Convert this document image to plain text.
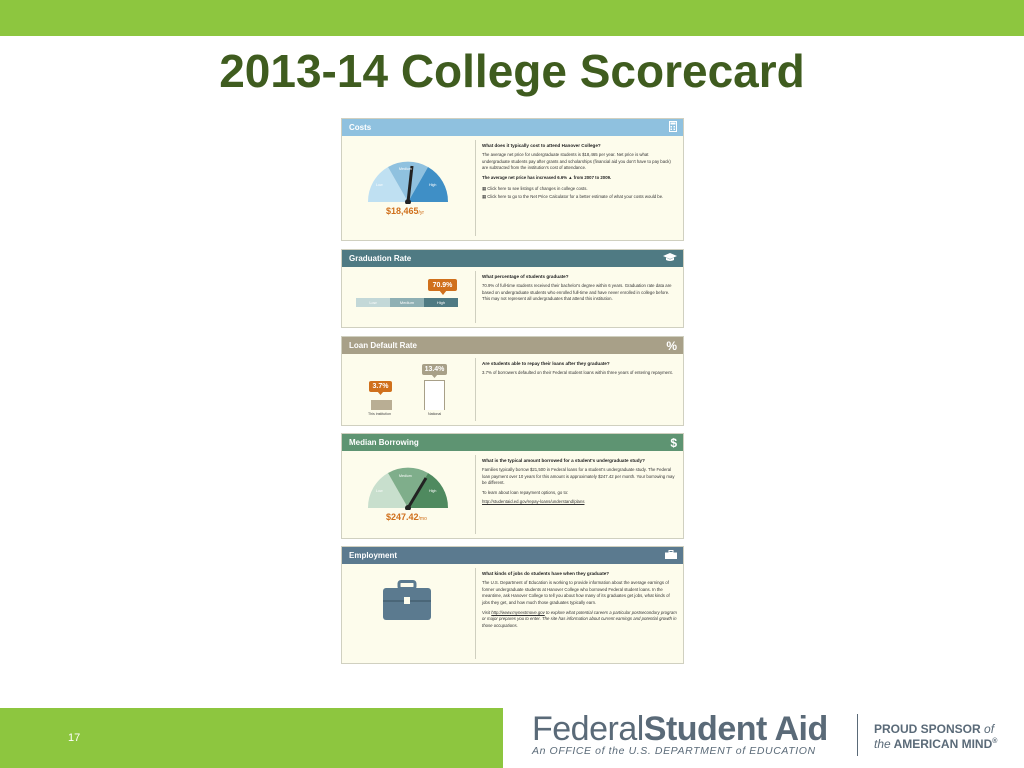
2013-14 College Scorecard
Costs
Low
Medium
High
$18,465/yr
What does it typically cost to attend Hanover College?

The average net price for undergraduate students is $18,465 per year. Net price is what undergraduate students pay after grants and scholarships (financial aid you don't have to pay back) are subtracted from the institution's cost of attendance.

The average net price has increased 6.6% ▲ from 2007 to 2009.

▦ Click here to see listings of changes in college costs.

▦ Click here to go to the Net Price Calculator for a better estimate of what your costs would be.

Graduation Rate
70.9%
Low	Medium	High
What percentage of students graduate?

70.9% of full-time students received their bachelor's degree within 6 years. Graduation rate data are based on undergraduate students who enrolled full-time and have never enrolled in college before. This may not represent all undergraduates that attend this institution.

Loan Default Rate	%
13.4%
3.7%
This institution	National
Are students able to repay their loans after they graduate?

3.7% of borrowers defaulted on their Federal student loans within three years of entering repayment.

Median Borrowing	$
Low
Medium
High
$247.42/mo
What is the typical amount borrowed for a student's undergraduate study?

Families typically borrow $21,500 in Federal loans for a student's undergraduate study. The Federal loan payment over 10 years for this amount is approximately $247.42 per month. Your borrowing may be different.

To learn about loan repayment options, go to:

http://studentaid.ed.gov/repay-loans/understand/plans

Employment
What kinds of jobs do students have when they graduate?

The U.S. Department of Education is working to provide information about the average earnings of former undergraduate students at Hanover College who borrowed Federal student loans. In the meantime, ask Hanover College to tell you about how many of its graduates get jobs, what kinds of jobs they get, and how much those graduates typically earn.

Visit http://www.mynextmove.gov to explore what potential careers a particular postsecondary program or major prepares you to enter. The site has information about current earnings and potential growth in those occupations.

17	FederalStudent Aid
An OFFICE of the U.S. DEPARTMENT of EDUCATION
PROUD SPONSOR of
the AMERICAN MIND®
